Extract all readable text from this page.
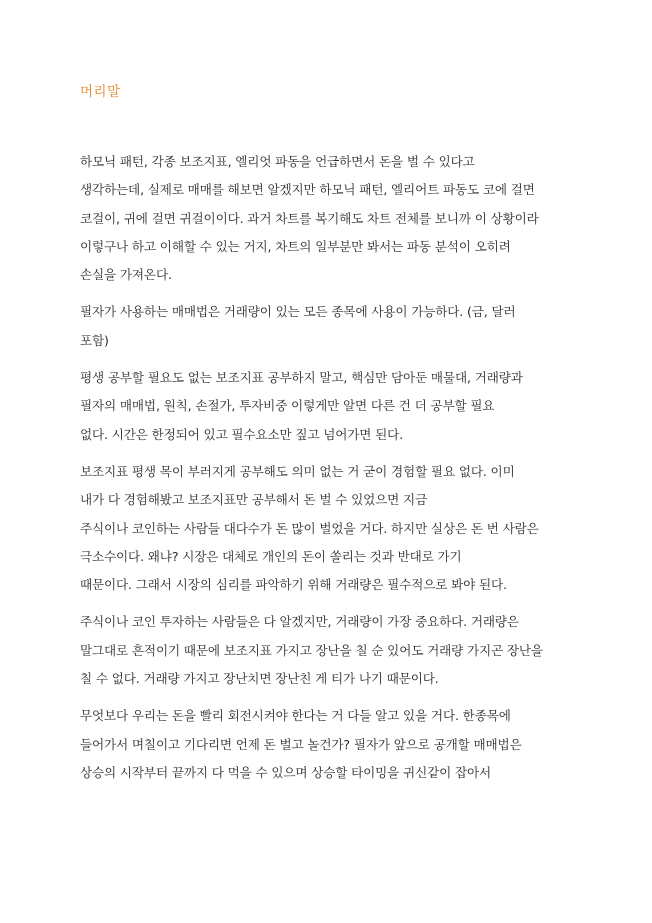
머리말

하모닉 패턴, 각종 보조지표, 엘리엇 파동을 언급하면서 돈을 벌 수 있다고
생각하는데, 실제로 매매를 해보면 알겠지만 하모닉 패턴, 엘리어트 파동도 코에 걸면
코걸이, 귀에 걸면 귀걸이이다. 과거 차트를 복기해도 차트 전체를 보니까 이 상황이라
이렇구나 하고 이해할 수 있는 거지, 차트의 일부분만 봐서는 파동 분석이 오히려
손실을 가져온다.

필자가 사용하는 매매법은 거래량이 있는 모든 종목에 사용이 가능하다. (금, 달러
포함)

평생 공부할 필요도 없는 보조지표 공부하지 말고, 핵심만 담아둔 매물대, 거래량과
필자의 매매법, 원칙, 손절가, 투자비중 이렇게만 알면 다른 건 더 공부할 필요
없다. 시간은 한정되어 있고 필수요소만 짚고 넘어가면 된다.

보조지표 평생 목이 부러지게 공부해도 의미 없는 거 굳이 경험할 필요 없다. 이미
내가 다 경험해봤고 보조지표만 공부해서 돈 벌 수 있었으면 지금
주식이나 코인하는 사람들 대다수가 돈 많이 벌었을 거다. 하지만 실상은 돈 번 사람은
극소수이다. 왜냐? 시장은 대체로 개인의 돈이 쏠리는 것과 반대로 가기
때문이다. 그래서 시장의 심리를 파악하기 위해 거래량은 필수적으로 봐야 된다.

주식이나 코인 투자하는 사람들은 다 알겠지만, 거래량이 가장 중요하다. 거래량은
말그대로 흔적이기 때문에 보조지표 가지고 장난을 칠 순 있어도 거래량 가지곤 장난을
칠 수 없다. 거래량 가지고 장난치면 장난친 게 티가 나기 때문이다.

무엇보다 우리는 돈을 빨리 회전시켜야 한다는 거 다들 알고 있을 거다. 한종목에
들어가서 며칠이고 기다리면 언제 돈 벌고 놀건가? 필자가 앞으로 공개할 매매법은
상승의 시작부터 끝까지 다 먹을 수 있으며 상승할 타이밍을 귀신같이 잡아서
